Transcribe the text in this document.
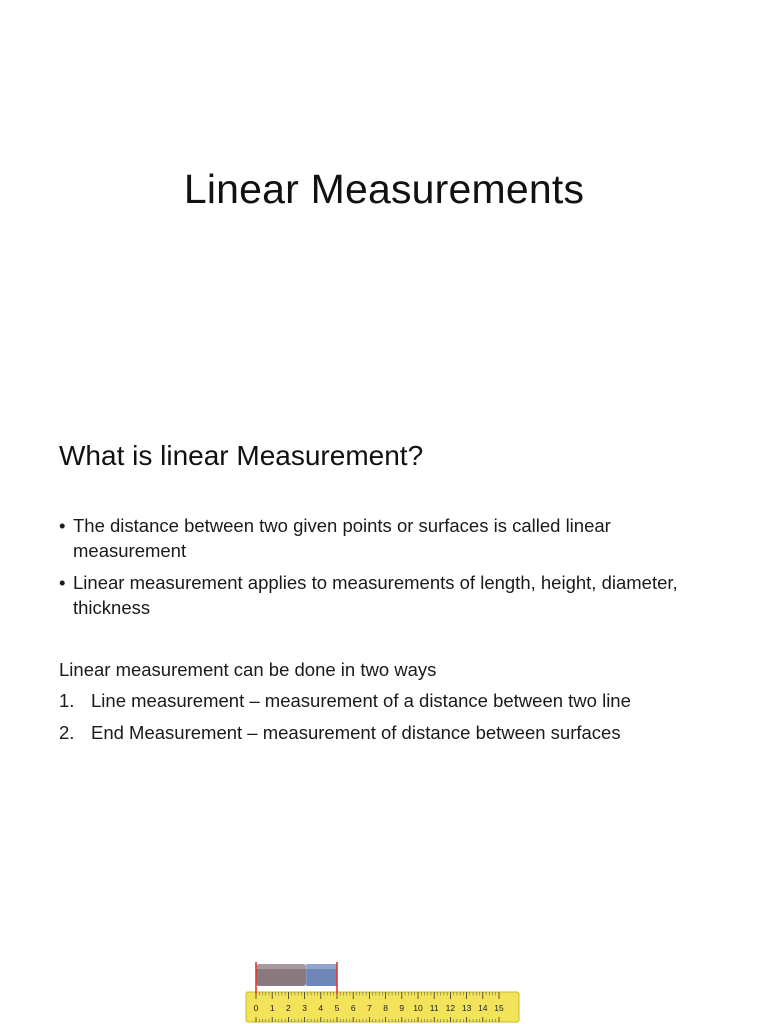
Linear Measurements
What is linear Measurement?
• The distance between two given points or surfaces is called linear measurement
• Linear measurement applies to measurements of length, height, diameter, thickness

Linear measurement can be done in two ways

1. Line measurement – measurement of a distance between two line
2. End Measurement – measurement of distance between surfaces
0 1 2 3 4 5 6 7 8 9 10 11 12 13 14 15
